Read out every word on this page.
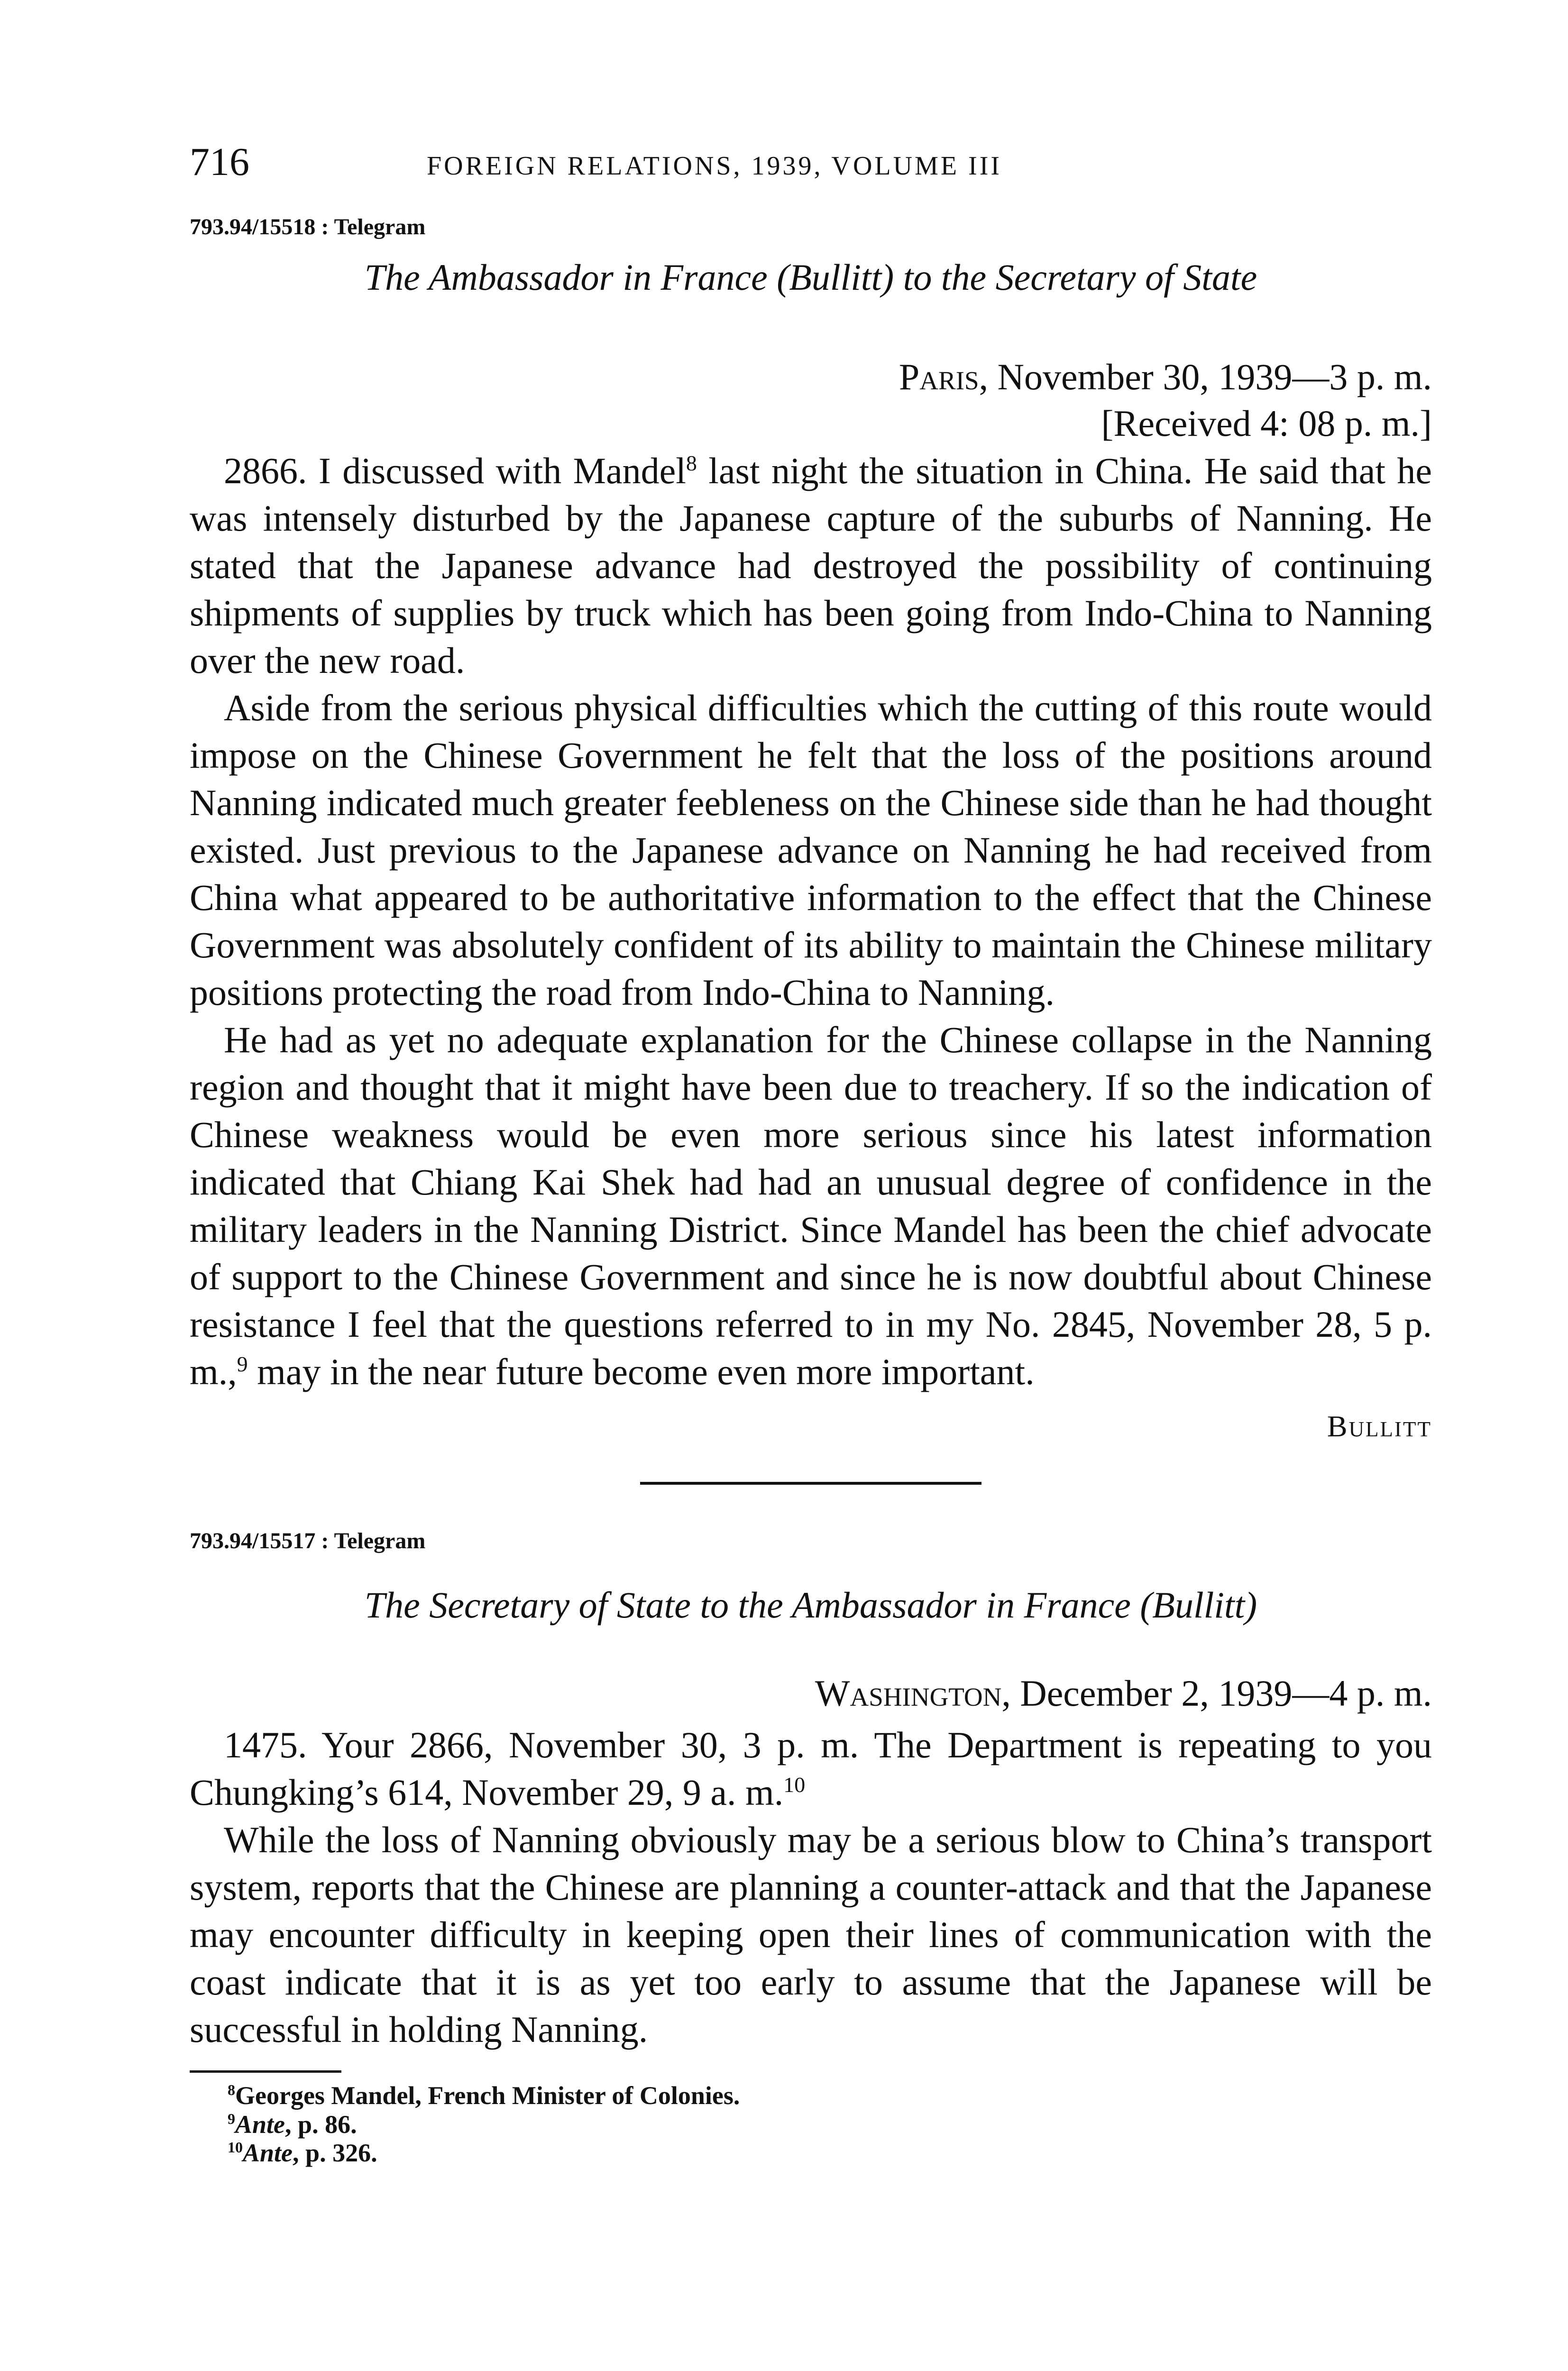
716	FOREIGN RELATIONS, 1939, VOLUME III

793.94/15518 : Telegram

The Ambassador in France (Bullitt) to the Secretary of State

Paris, November 30, 1939—3 p. m.
[Received 4: 08 p. m.]

2866. I discussed with Mandel$^8$ last night the situation in China. He said that he was intensely disturbed by the Japanese capture of the suburbs of Nanning. He stated that the Japanese advance had destroyed the possibility of continuing shipments of supplies by truck which has been going from Indo-China to Nanning over the new road.

Aside from the serious physical difficulties which the cutting of this route would impose on the Chinese Government he felt that the loss of the positions around Nanning indicated much greater feebleness on the Chinese side than he had thought existed. Just previous to the Japanese advance on Nanning he had received from China what appeared to be authoritative information to the effect that the Chinese Government was absolutely confident of its ability to maintain the Chinese military positions protecting the road from Indo-China to Nanning.

He had as yet no adequate explanation for the Chinese collapse in the Nanning region and thought that it might have been due to treachery. If so the indication of Chinese weakness would be even more serious since his latest information indicated that Chiang Kai Shek had had an unusual degree of confidence in the military leaders in the Nanning District. Since Mandel has been the chief advocate of support to the Chinese Government and since he is now doubtful about Chinese resistance I feel that the questions referred to in my No. 2845, November 28, 5 p. m.,$^9$ may in the near future become even more important.

Bullitt

793.94/15517 : Telegram

The Secretary of State to the Ambassador in France (Bullitt)

Washington, December 2, 1939—4 p. m.

1475. Your 2866, November 30, 3 p. m. The Department is repeating to you Chungking’s 614, November 29, 9 a. m.$^{10}$

While the loss of Nanning obviously may be a serious blow to China’s transport system, reports that the Chinese are planning a counter-attack and that the Japanese may encounter difficulty in keeping open their lines of communication with the coast indicate that it is as yet too early to assume that the Japanese will be successful in holding Nanning.

$^8$Georges Mandel, French Minister of Colonies.

$^9$Ante, p. 86.

$^{10}$Ante, p. 326.
